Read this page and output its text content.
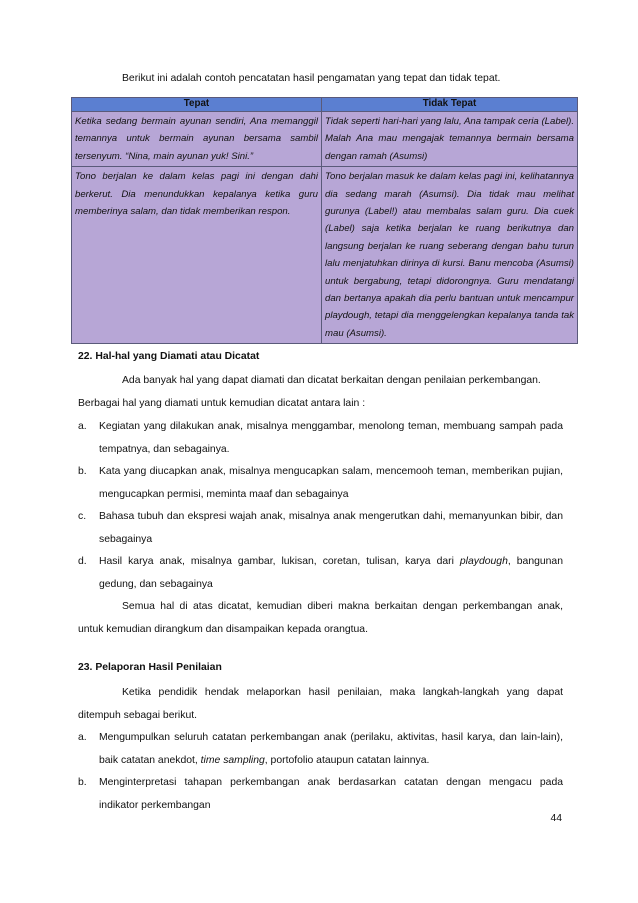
Berikut ini adalah contoh pencatatan hasil pengamatan yang tepat dan tidak tepat.
Tepat	Tidak Tepat
Ketika sedang bermain ayunan sendiri, Ana memanggil temannya untuk bermain ayunan bersama sambil tersenyum. “Nina, main ayunan yuk! Sini.”	Tidak seperti hari-hari yang lalu, Ana tampak ceria (Label). Malah Ana mau mengajak temannya bermain bersama dengan ramah (Asumsi)
Tono berjalan ke dalam kelas pagi ini dengan dahi berkerut. Dia menundukkan kepalanya ketika guru memberinya salam, dan tidak memberikan respon.	Tono berjalan masuk ke dalam kelas pagi ini, kelihatannya dia sedang marah (Asumsi). Dia tidak mau melihat gurunya (Label!) atau membalas salam guru. Dia cuek (Label) saja ketika berjalan ke ruang berikutnya dan langsung berjalan ke ruang seberang dengan bahu turun lalu menjatuhkan dirinya di kursi. Banu mencoba (Asumsi) untuk bergabung, tetapi didorongnya. Guru mendatangi dan bertanya apakah dia perlu bantuan untuk mencampur playdough, tetapi dia menggelengkan kepalanya tanda tak mau (Asumsi).
22. Hal-hal yang Diamati atau Dicatat
Ada banyak hal yang dapat diamati dan dicatat berkaitan dengan penilaian perkembangan.
Berbagai hal yang diamati untuk kemudian dicatat antara lain :
a. Kegiatan yang dilakukan anak, misalnya menggambar, menolong teman, membuang sampah pada tempatnya, dan sebagainya.
b. Kata yang diucapkan anak, misalnya mengucapkan salam, mencemooh teman, memberikan pujian, mengucapkan permisi, meminta maaf dan sebagainya
c. Bahasa tubuh dan ekspresi wajah anak, misalnya anak mengerutkan dahi, memanyunkan bibir, dan sebagainya
d. Hasil karya anak, misalnya gambar, lukisan, coretan, tulisan, karya dari playdough, bangunan gedung, dan sebagainya
Semua hal di atas dicatat, kemudian diberi makna berkaitan dengan perkembangan anak, untuk kemudian dirangkum dan disampaikan kepada orangtua.
23. Pelaporan Hasil Penilaian
Ketika pendidik hendak melaporkan hasil penilaian, maka langkah-langkah yang dapat ditempuh sebagai berikut.
a. Mengumpulkan seluruh catatan perkembangan anak (perilaku, aktivitas, hasil karya, dan lain-lain), baik catatan anekdot, time sampling, portofolio ataupun catatan lainnya.
b. Menginterpretasi tahapan perkembangan anak berdasarkan catatan dengan mengacu pada indikator perkembangan
44
